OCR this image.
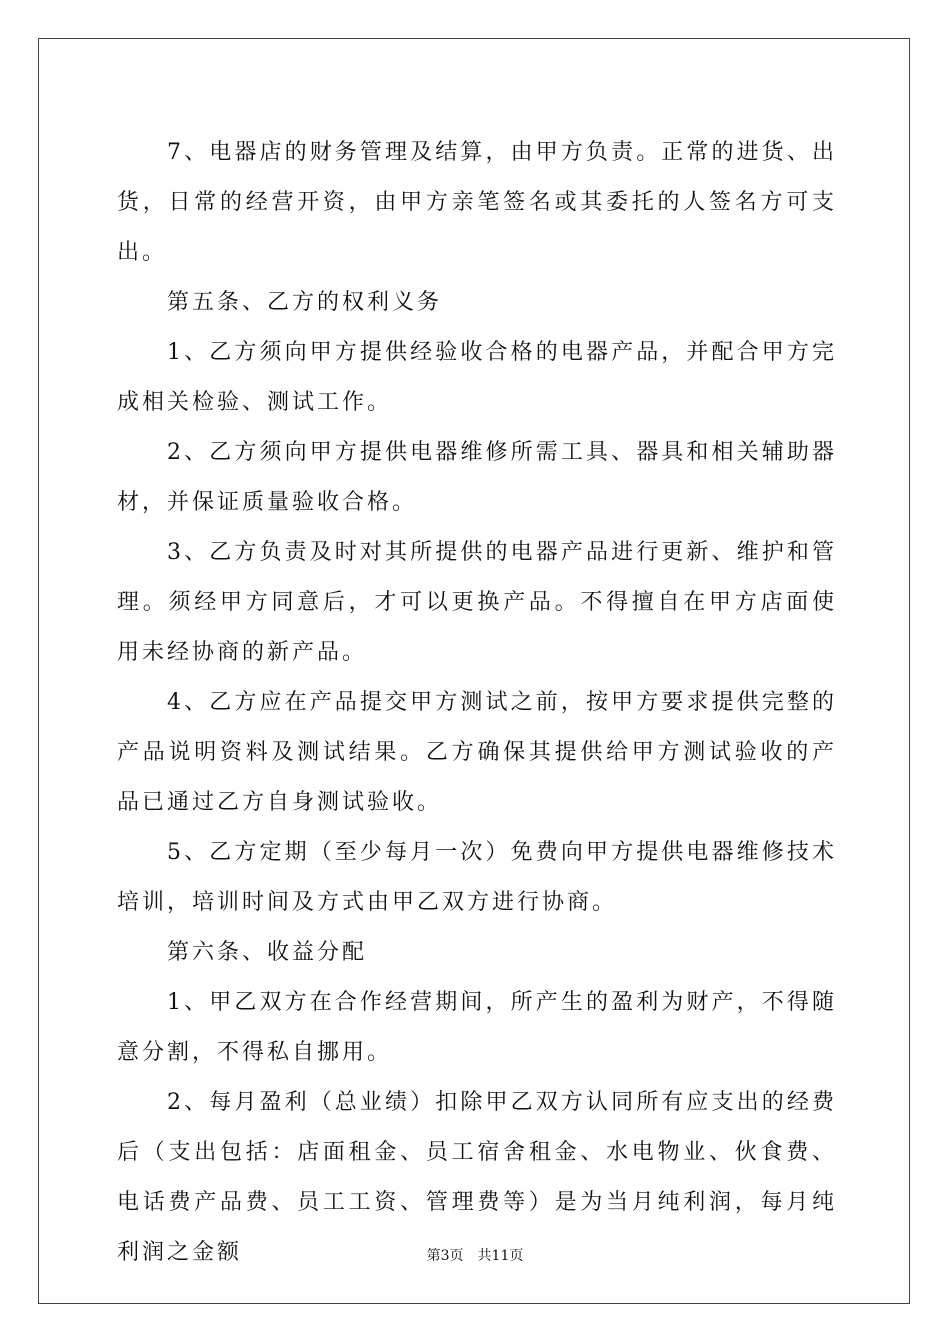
7、电器店的财务管理及结算，由甲方负责。正常的进货、出货，日常的经营开资，由甲方亲笔签名或其委托的人签名方可支出。

第五条、乙方的权利义务

1、乙方须向甲方提供经验收合格的电器产品，并配合甲方完成相关检验、测试工作。

2、乙方须向甲方提供电器维修所需工具、器具和相关辅助器材，并保证质量验收合格。

3、乙方负责及时对其所提供的电器产品进行更新、维护和管理。须经甲方同意后，才可以更换产品。不得擅自在甲方店面使用未经协商的新产品。

4、乙方应在产品提交甲方测试之前，按甲方要求提供完整的产品说明资料及测试结果。乙方确保其提供给甲方测试验收的产品已通过乙方自身测试验收。

5、乙方定期（至少每月一次）免费向甲方提供电器维修技术培训，培训时间及方式由甲乙双方进行协商。

第六条、收益分配

1、甲乙双方在合作经营期间，所产生的盈利为财产，不得随意分割，不得私自挪用。

2、每月盈利（总业绩）扣除甲乙双方认同所有应支出的经费后（支出包括：店面租金、员工宿舍租金、水电物业、伙食费、电话费产品费、员工工资、管理费等）是为当月纯利润，每月纯利润之金额	第3页 共11页
